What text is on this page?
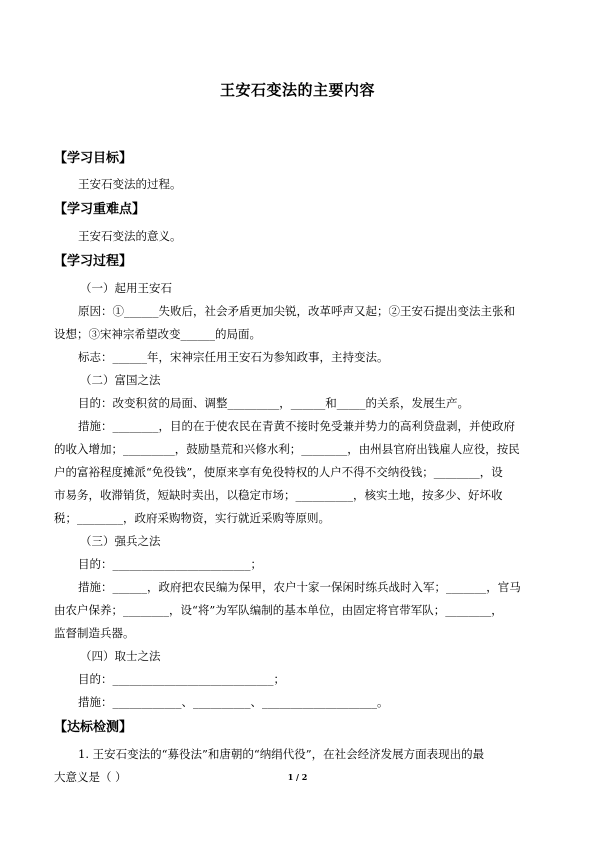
王安石变法的主要内容
【学习目标】
王安石变法的过程。
【学习重难点】
王安石变法的意义。
【学习过程】
（一）起用王安石
原因：①______失败后，社会矛盾更加尖锐，改革呼声又起；②王安石提出变法主张和
设想；③宋神宗希望改变______的局面。
标志：______年，宋神宗任用王安石为参知政事，主持变法。
（二）富国之法
目的：改变积贫的局面、调整_________，______和_____的关系，发展生产。
措施：________，目的在于使农民在青黄不接时免受兼并势力的高利贷盘剥，并使政府
的收入增加；_________，鼓励垦荒和兴修水利；________，由州县官府出钱雇人应役，按民
户的富裕程度摊派“免役钱”，使原来享有免役特权的人户不得不交纳役钱；________，设
市易务，收滞销货，短缺时卖出，以稳定市场；__________，核实土地，按多少、好坏收
税；________，政府采购物资，实行就近采购等原则。
（三）强兵之法
目的：________________________；
措施：______，政府把农民编为保甲，农户十家一保闲时练兵战时入军；_______，官马
由农户保养；________，设“将”为军队编制的基本单位，由固定将官带军队；________，
监督制造兵器。
（四）取士之法
目的：____________________________；
措施：____________、__________、____________________。
【达标检测】
1. 王安石变法的“募役法”和唐朝的“纳绢代役”，在社会经济发展方面表现出的最
大意义是（ ）	1 / 2
